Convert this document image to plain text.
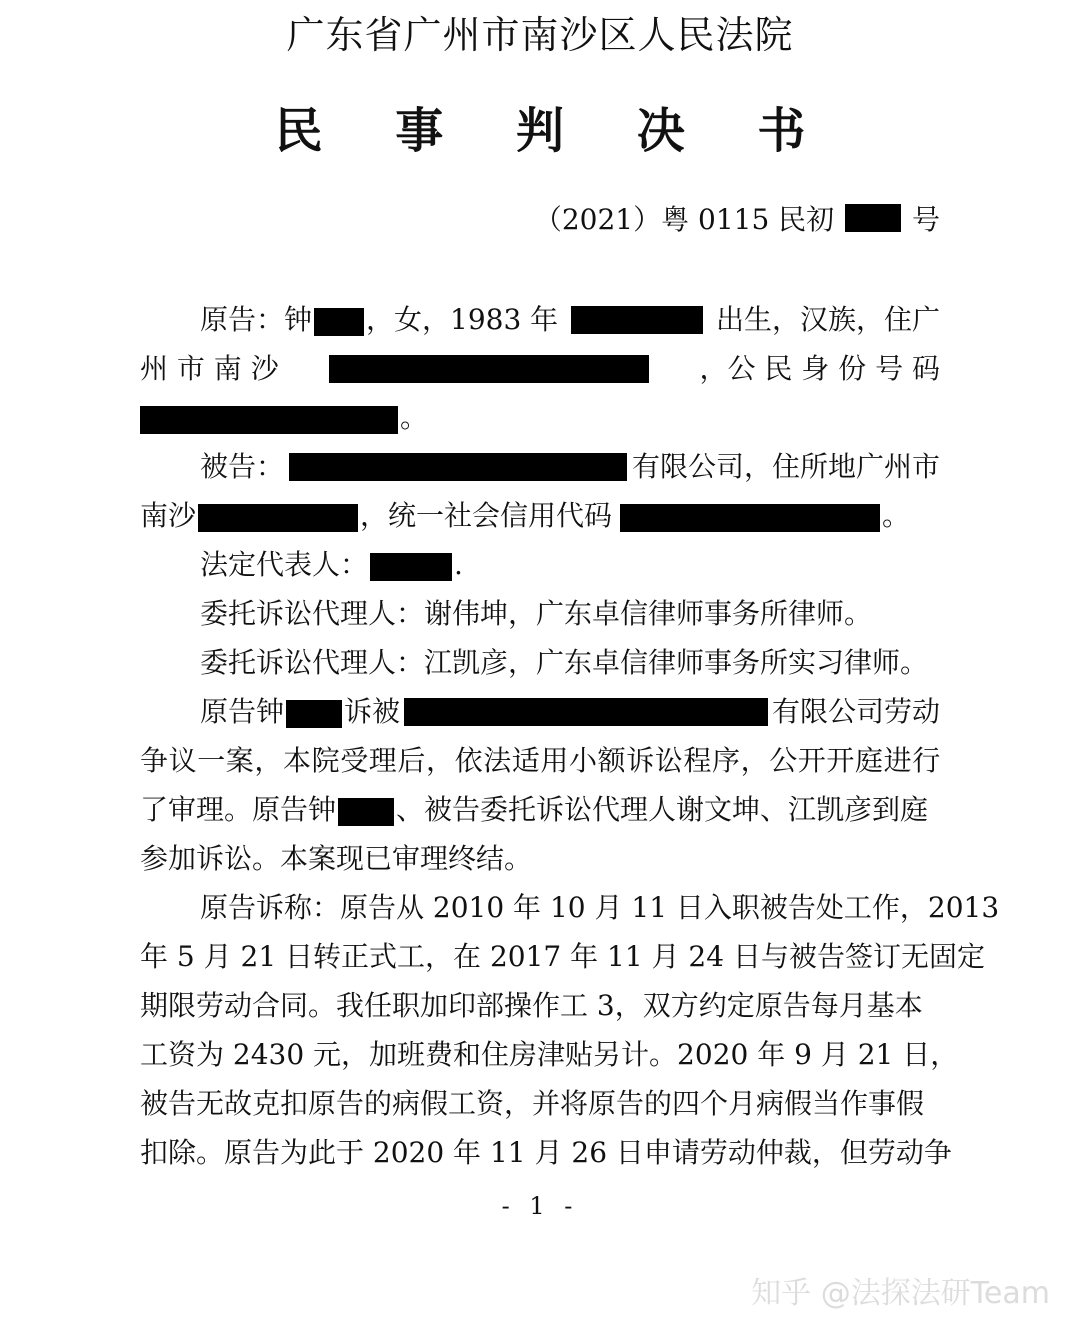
广东省广州市南沙区人民法院
民 事 判 决 书
（2021）粤 0115 民初	号
原告：钟 ，女，1983 年	出生，汉族，住广
州 市 南 沙	，公 民 身 份 号 码
。
被告：	有限公司，住所地广州市
南沙	，统一社会信用代码	。
法定代表人：	.
委托诉讼代理人：谢伟坤，广东卓信律师事务所律师。
委托诉讼代理人：江凯彦，广东卓信律师事务所实习律师。
原告钟 诉被	有限公司劳动
争议一案，本院受理后，依法适用小额诉讼程序，公开开庭进行
了审理。原告钟 、被告委托诉讼代理人谢文坤、江凯彦到庭
参加诉讼。本案现已审理终结。
原告诉称：原告从 2010 年 10 月 11 日入职被告处工作，2013
年 5 月 21 日转正式工，在 2017 年 11 月 24 日与被告签订无固定
期限劳动合同。我任职加印部操作工 3，双方约定原告每月基本
工资为 2430 元，加班费和住房津贴另计。2020 年 9 月 21 日，
被告无故克扣原告的病假工资，并将原告的四个月病假当作事假
扣除。原告为此于 2020 年 11 月 26 日申请劳动仲裁，但劳动争
- 1 -
知乎 @法探法研Team
